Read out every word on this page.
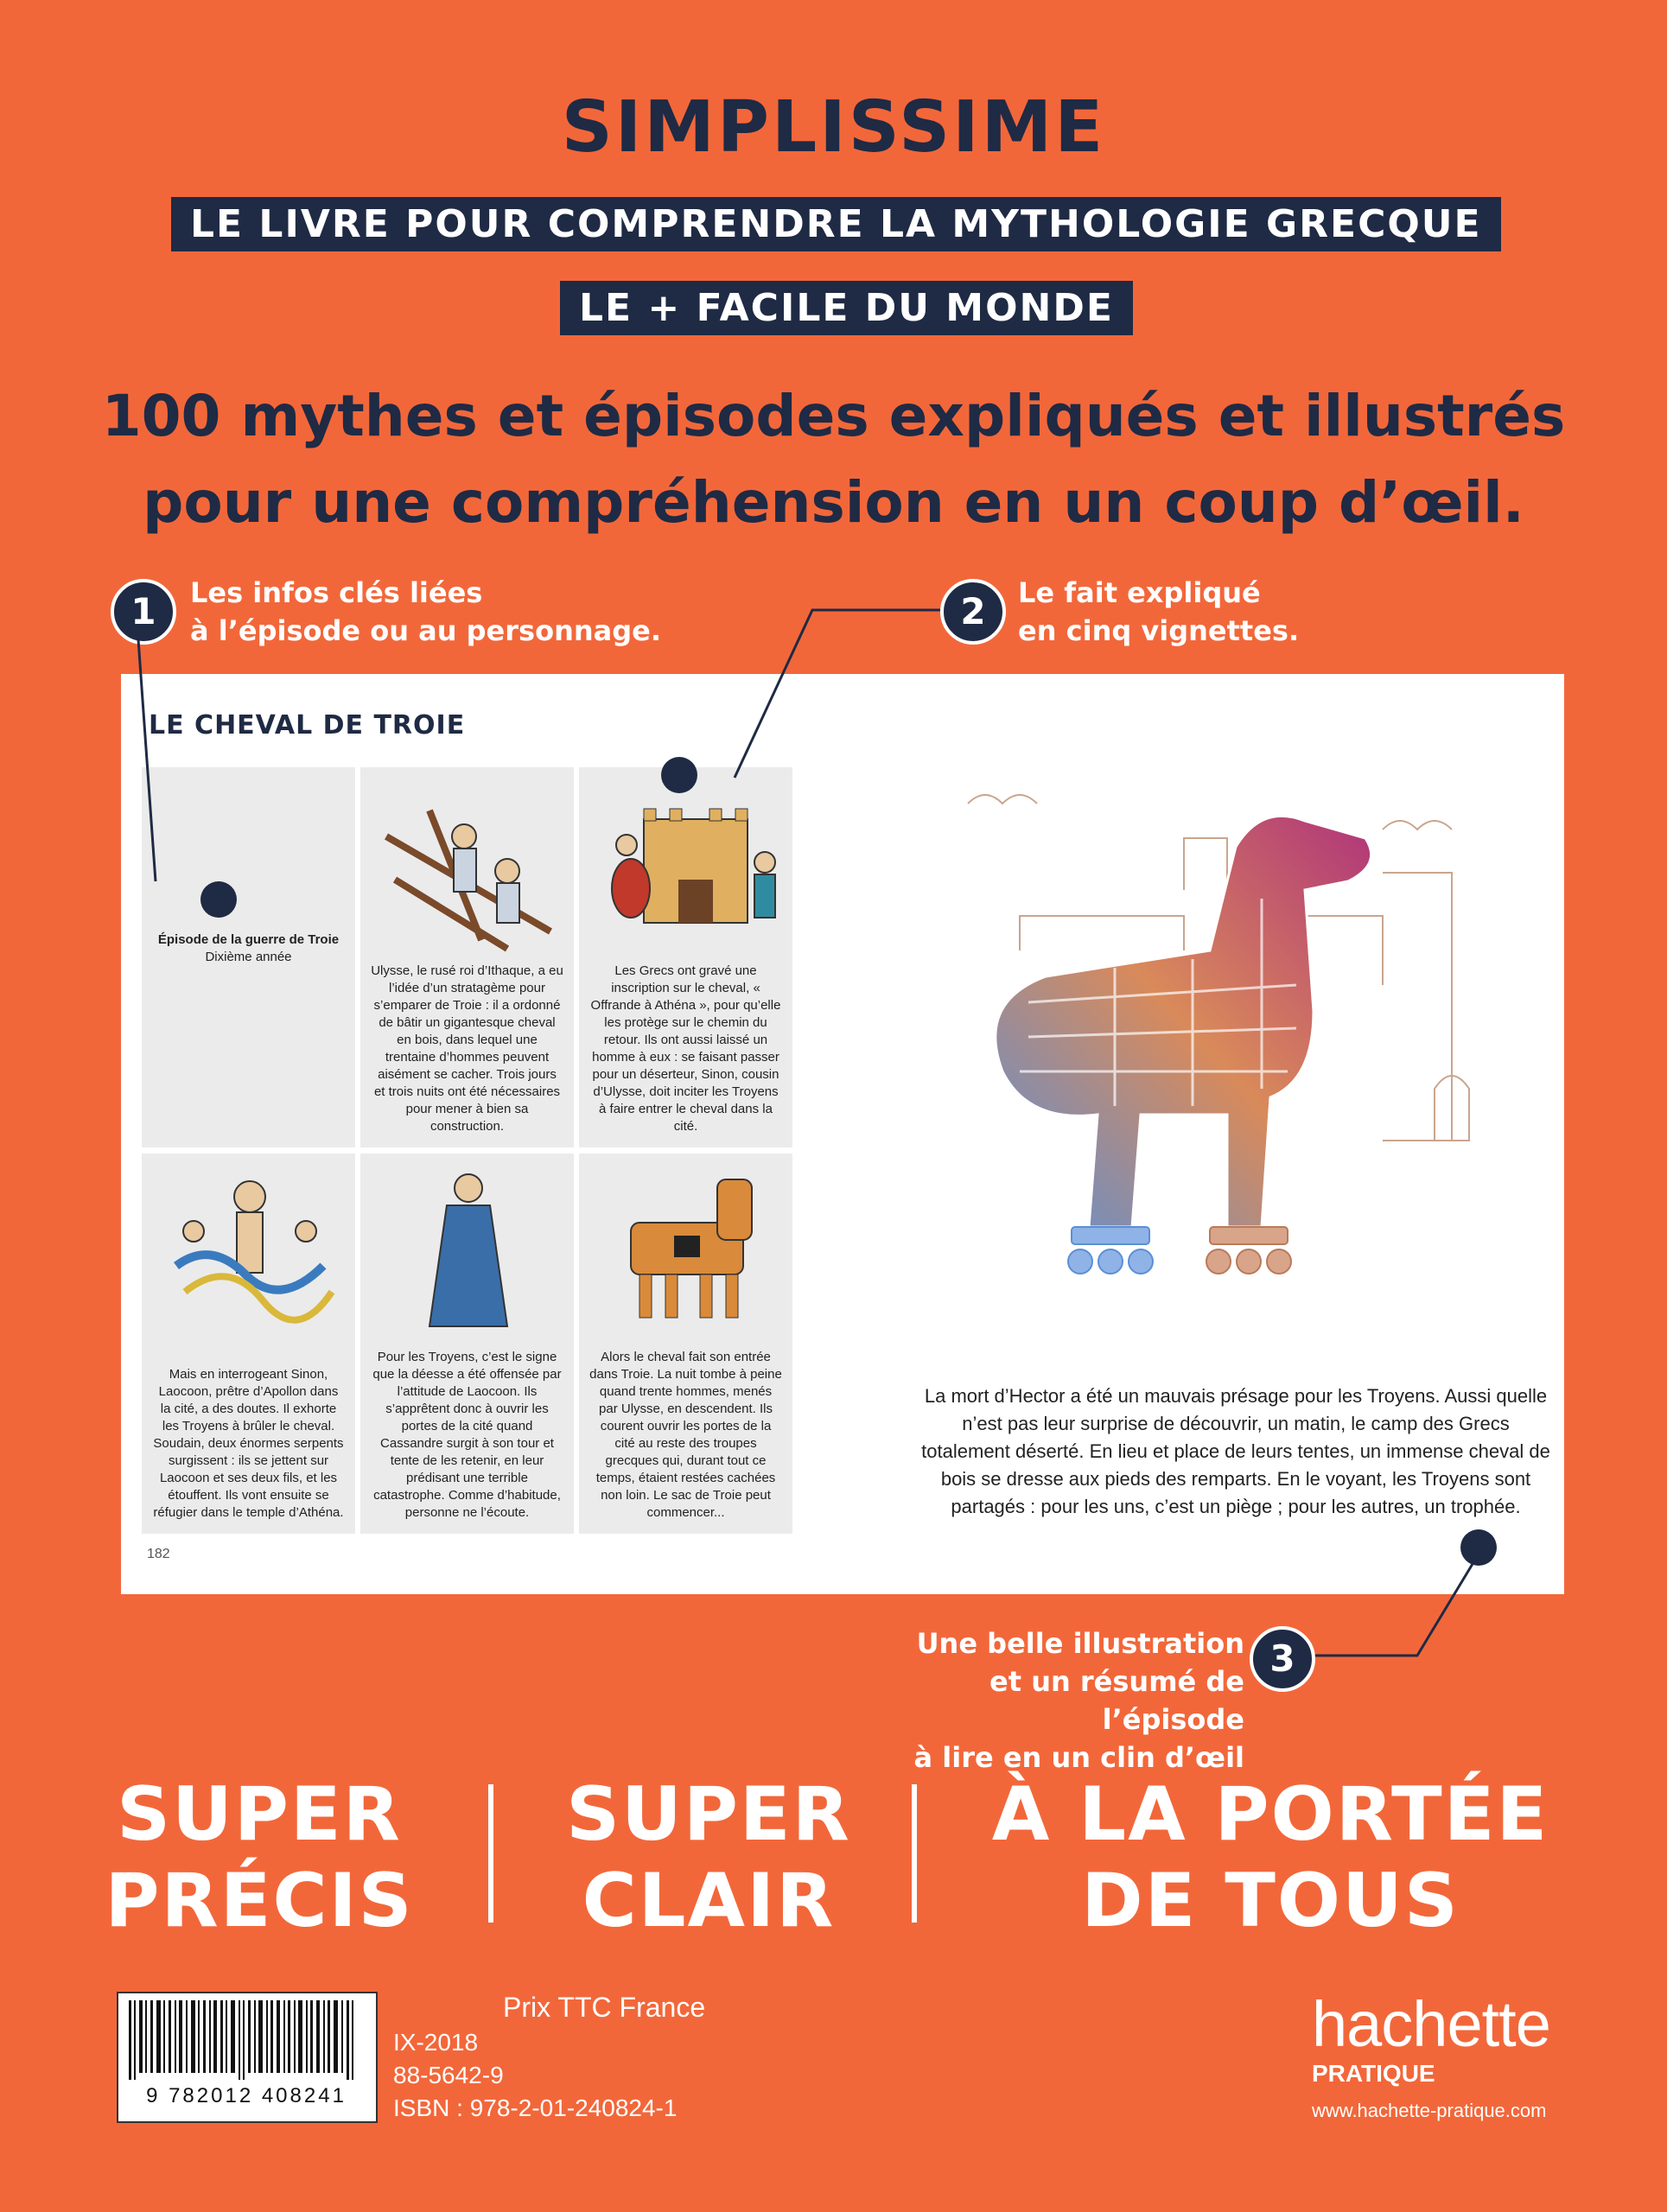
SIMPLISSIME
LE LIVRE POUR COMPRENDRE LA MYTHOLOGIE GRECQUE
LE + FACILE DU MONDE
100 mythes et épisodes expliqués et illustrés
pour une compréhension en un coup d’œil.
1	Les infos clés liées
à l’épisode ou au personnage.	2	Le fait expliqué
en cinq vignettes.
LE CHEVAL DE TROIE
Épisode de la guerre de Troie
Dixième année
Ulysse, le rusé roi d’Ithaque, a eu l’idée d’un stratagème pour s’emparer de Troie : il a ordonné de bâtir un gigantesque cheval en bois, dans lequel une trentaine d’hommes peuvent aisément se cacher. Trois jours et trois nuits ont été nécessaires pour mener à bien sa construction.
Les Grecs ont gravé une inscription sur le cheval, « Offrande à Athéna », pour qu’elle les protège sur le chemin du retour. Ils ont aussi laissé un homme à eux : se faisant passer pour un déserteur, Sinon, cousin d’Ulysse, doit inciter les Troyens à faire entrer le cheval dans la cité.
Mais en interrogeant Sinon, Laocoon, prêtre d’Apollon dans la cité, a des doutes. Il exhorte les Troyens à brûler le cheval. Soudain, deux énormes serpents surgissent : ils se jettent sur Laocoon et ses deux fils, et les étouffent. Ils vont ensuite se réfugier dans le temple d’Athéna.
Pour les Troyens, c’est le signe que la déesse a été offensée par l’attitude de Laocoon. Ils s’apprêtent donc à ouvrir les portes de la cité quand Cassandre surgit à son tour et tente de les retenir, en leur prédisant une terrible catastrophe. Comme d’habitude, personne ne l’écoute.
Alors le cheval fait son entrée dans Troie. La nuit tombe à peine quand trente hommes, menés par Ulysse, en descendent. Ils courent ouvrir les portes de la cité au reste des troupes grecques qui, durant tout ce temps, étaient restées cachées non loin. Le sac de Troie peut commencer...
182
La mort d’Hector a été un mauvais présage pour les Troyens. Aussi quelle n’est pas leur surprise de découvrir, un matin, le camp des Grecs totalement déserté. En lieu et place de leurs tentes, un immense cheval de bois se dresse aux pieds des remparts. En le voyant, les Troyens sont partagés : pour les uns, c’est un piège ; pour les autres, un trophée.
Une belle illustration
et un résumé de l’épisode
à lire en un clin d’œil
3
SUPER
PRÉCIS
SUPER
CLAIR
À LA PORTÉE
DE TOUS
9 782012 408241
Prix TTC France
IX-2018
88-5642-9
ISBN : 978-2-01-240824-1
hachette
PRATIQUE
www.hachette-pratique.com
